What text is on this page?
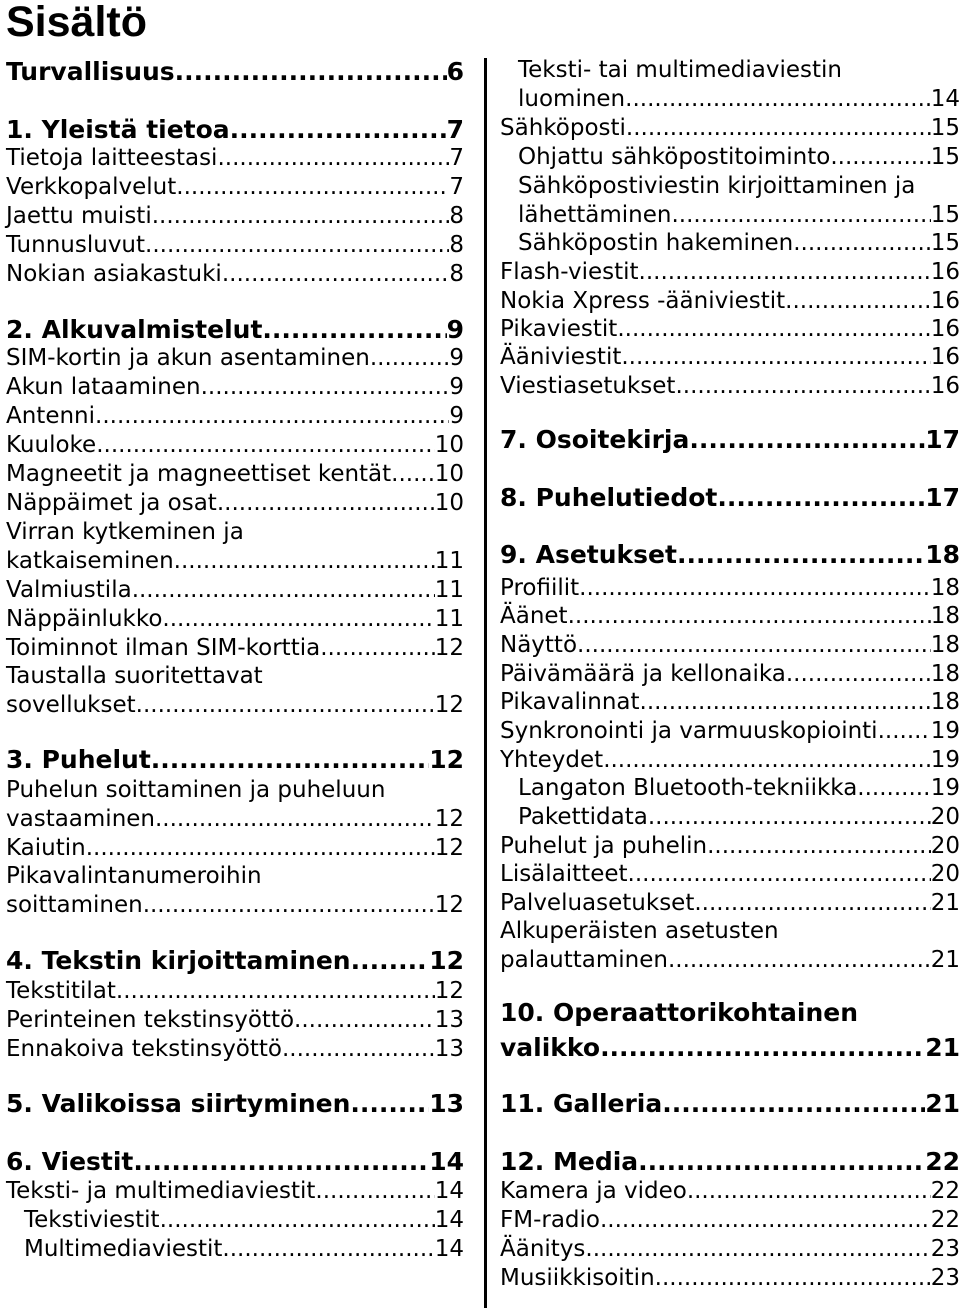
Sisältö
Turvallisuus .....	6
1. Yleistä tietoa .....	7
Tietoja laitteestasi .....	7
Verkkopalvelut .....	7
Jaettu muisti .....	8
Tunnusluvut .....	8
Nokian asiakastuki .....	8
2. Alkuvalmistelut .....	9
SIM-kortin ja akun asentaminen .....	9
Akun lataaminen .....	9
Antenni .....	9
Kuuloke .....	10
Magneetit ja magneettiset kentät ..... 10
Näppäimet ja osat .....	10
Virran kytkeminen ja
katkaiseminen .....	11
Valmiustila .....	11
Näppäinlukko .....	11
Toiminnot ilman SIM-korttia .....	12
Taustalla suoritettavat
sovellukset .....	12
3. Puhelut .....	12
Puhelun soittaminen ja puheluun
vastaaminen .....	12
Kaiutin .....	12
Pikavalintanumeroihin
soittaminen .....	12
4. Tekstin kirjoittaminen .....	12
Tekstitilat .....	12
Perinteinen tekstinsyöttö .....	13
Ennakoiva tekstinsyöttö .....	13
5. Valikoissa siirtyminen .....	13
6. Viestit .....	14
Teksti- ja multimediaviestit .....	14
Tekstiviestit .....	14
Multimediaviestit .....	14
Teksti- tai multimediaviestin
luominen .....	14
Sähköposti .....	15
Ohjattu sähköpostitoiminto .....	15
Sähköpostiviestin kirjoittaminen ja
lähettäminen .....	15
Sähköpostin hakeminen .....	15
Flash-viestit .....	16
Nokia Xpress -ääniviestit .....	16
Pikaviestit .....	16
Ääniviestit .....	16
Viestiasetukset .....	16
7. Osoitekirja .....	17
8. Puhelutiedot .....	17
9. Asetukset .....	18
Profiilit .....	18
Äänet .....	18
Näyttö .....	18
Päivämäärä ja kellonaika .....	18
Pikavalinnat .....	18
Synkronointi ja varmuuskopiointi ..... 19
Yhteydet .....	19
Langaton Bluetooth-tekniikka .....	19
Pakettidata .....	20
Puhelut ja puhelin .....	20
Lisälaitteet .....	20
Palveluasetukset .....	21
Alkuperäisten asetusten
palauttaminen .....	21
10. Operaattorikohtainen
valikko .....	21
11. Galleria .....	21
12. Media .....	22
Kamera ja video .....	22
FM-radio .....	22
Äänitys .....	23
Musiikkisoitin .....	23
